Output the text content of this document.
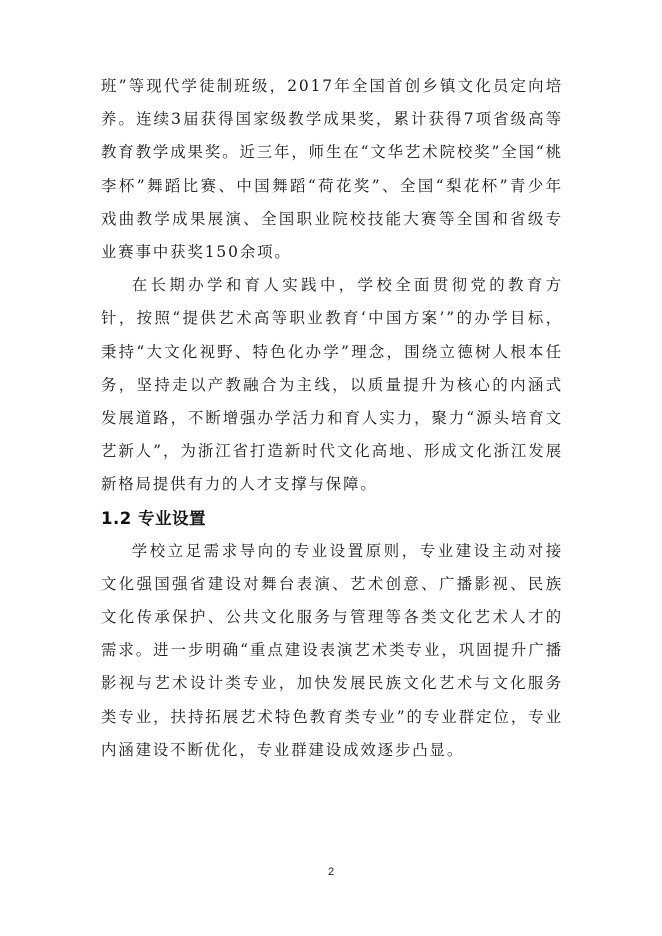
班”等现代学徒制班级，2017年全国首创乡镇文化员定向培养。连续3届获得国家级教学成果奖，累计获得7项省级高等教育教学成果奖。近三年，师生在“文华艺术院校奖”全国“桃李杯”舞蹈比赛、中国舞蹈“荷花奖”、全国“梨花杯”青少年戏曲教学成果展演、全国职业院校技能大赛等全国和省级专业赛事中获奖150余项。

在长期办学和育人实践中，学校全面贯彻党的教育方针，按照“提供艺术高等职业教育‘中国方案’”的办学目标，秉持“大文化视野、特色化办学”理念，围绕立德树人根本任务，坚持走以产教融合为主线，以质量提升为核心的内涵式发展道路，不断增强办学活力和育人实力，聚力“源头培育文艺新人”，为浙江省打造新时代文化高地、形成文化浙江发展新格局提供有力的人才支撑与保障。

1.2 专业设置

学校立足需求导向的专业设置原则，专业建设主动对接文化强国强省建设对舞台表演、艺术创意、广播影视、民族文化传承保护、公共文化服务与管理等各类文化艺术人才的需求。进一步明确“重点建设表演艺术类专业，巩固提升广播影视与艺术设计类专业，加快发展民族文化艺术与文化服务类专业，扶持拓展艺术特色教育类专业”的专业群定位，专业内涵建设不断优化，专业群建设成效逐步凸显。

2
